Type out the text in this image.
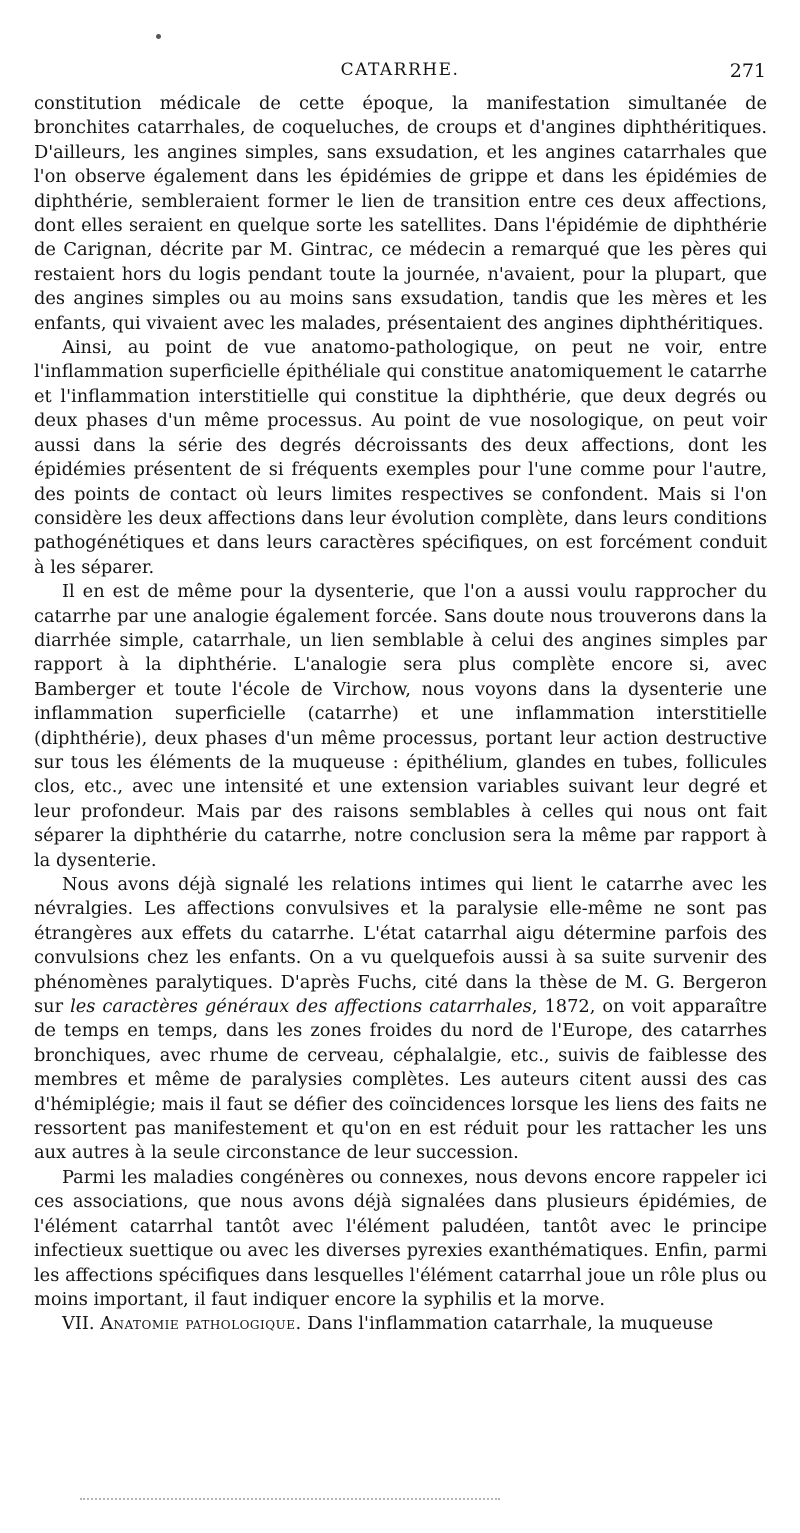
CATARRHE.	271

constitution médicale de cette époque, la manifestation simultanée de bronchites catarrhales, de coqueluches, de croups et d'angines diphthéritiques. D'ailleurs, les angines simples, sans exsudation, et les angines catarrhales que l'on observe également dans les épidémies de grippe et dans les épidémies de diphthérie, sembleraient former le lien de transition entre ces deux affections, dont elles seraient en quelque sorte les satellites. Dans l'épidémie de diphthérie de Carignan, décrite par M. Gintrac, ce médecin a remarqué que les pères qui restaient hors du logis pendant toute la journée, n'avaient, pour la plupart, que des angines simples ou au moins sans exsudation, tandis que les mères et les enfants, qui vivaient avec les malades, présentaient des angines diphthéritiques.

Ainsi, au point de vue anatomo-pathologique, on peut ne voir, entre l'inflammation superficielle épithéliale qui constitue anatomiquement le catarrhe et l'inflammation interstitielle qui constitue la diphthérie, que deux degrés ou deux phases d'un même processus. Au point de vue nosologique, on peut voir aussi dans la série des degrés décroissants des deux affections, dont les épidémies présentent de si fréquents exemples pour l'une comme pour l'autre, des points de contact où leurs limites respectives se confondent. Mais si l'on considère les deux affections dans leur évolution complète, dans leurs conditions pathogénétiques et dans leurs caractères spécifiques, on est forcément conduit à les séparer.

Il en est de même pour la dysenterie, que l'on a aussi voulu rapprocher du catarrhe par une analogie également forcée. Sans doute nous trouverons dans la diarrhée simple, catarrhale, un lien semblable à celui des angines simples par rapport à la diphthérie. L'analogie sera plus complète encore si, avec Bamberger et toute l'école de Virchow, nous voyons dans la dysenterie une inflammation superficielle (catarrhe) et une inflammation interstitielle (diphthérie), deux phases d'un même processus, portant leur action destructive sur tous les éléments de la muqueuse : épithélium, glandes en tubes, follicules clos, etc., avec une intensité et une extension variables suivant leur degré et leur profondeur. Mais par des raisons semblables à celles qui nous ont fait séparer la diphthérie du catarrhe, notre conclusion sera la même par rapport à la dysenterie.

Nous avons déjà signalé les relations intimes qui lient le catarrhe avec les névralgies. Les affections convulsives et la paralysie elle-même ne sont pas étrangères aux effets du catarrhe. L'état catarrhal aigu détermine parfois des convulsions chez les enfants. On a vu quelquefois aussi à sa suite survenir des phénomènes paralytiques. D'après Fuchs, cité dans la thèse de M. G. Bergeron sur les caractères généraux des affections catarrhales, 1872, on voit apparaître de temps en temps, dans les zones froides du nord de l'Europe, des catarrhes bronchiques, avec rhume de cerveau, céphalalgie, etc., suivis de faiblesse des membres et même de paralysies complètes. Les auteurs citent aussi des cas d'hémiplégie; mais il faut se défier des coïncidences lorsque les liens des faits ne ressortent pas manifestement et qu'on en est réduit pour les rattacher les uns aux autres à la seule circonstance de leur succession.

Parmi les maladies congénères ou connexes, nous devons encore rappeler ici ces associations, que nous avons déjà signalées dans plusieurs épidémies, de l'élément catarrhal tantôt avec l'élément paludéen, tantôt avec le principe infectieux suettique ou avec les diverses pyrexies exanthématiques. Enfin, parmi les affections spécifiques dans lesquelles l'élément catarrhal joue un rôle plus ou moins important, il faut indiquer encore la syphilis et la morve.

VII. Anatomie pathologique. Dans l'inflammation catarrhale, la muqueuse
